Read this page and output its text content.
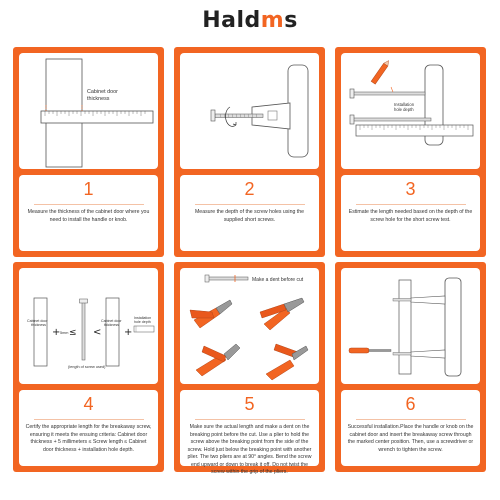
Haldms
Cabinet door
thickness
1
Measure the thickness of the cabinet door where you need to install the handle or knob.
2
Measure the depth of the screw holes using the supplied short screws.
Installation
hole depth
3
Estimate the length needed based on the depth of the screw hole for the short screw test.
Cabinet door
thickness
+ 5mm ≤
(length of screw used)
<
Cabinet door
thickness
+
Installation
hole depth
4
Certify the appropriate length for the breakaway screw, ensuring it meets the ensuing criteria: Cabinet door thickness + 5 millimeters ≤ Screw length ≤ Cabinet door thickness + installation hole depth.
Make a dent before cut
5
Make sure the actual length and make a dent on the breaking point before the cut. Use a plier to hold the screw above the breaking point from the side of the screw. Hold just below the breaking point with another plier. The two pliers are at 90° angles. Bend the screw end upward or down to break it off. Do not twist the screw within the grip of the pliers.
6
Successful installation.Place the handle or knob on the cabinet door and insert the breakaway screw through the marked center position. Then, use a screwdriver or wrench to tighten the screw.
